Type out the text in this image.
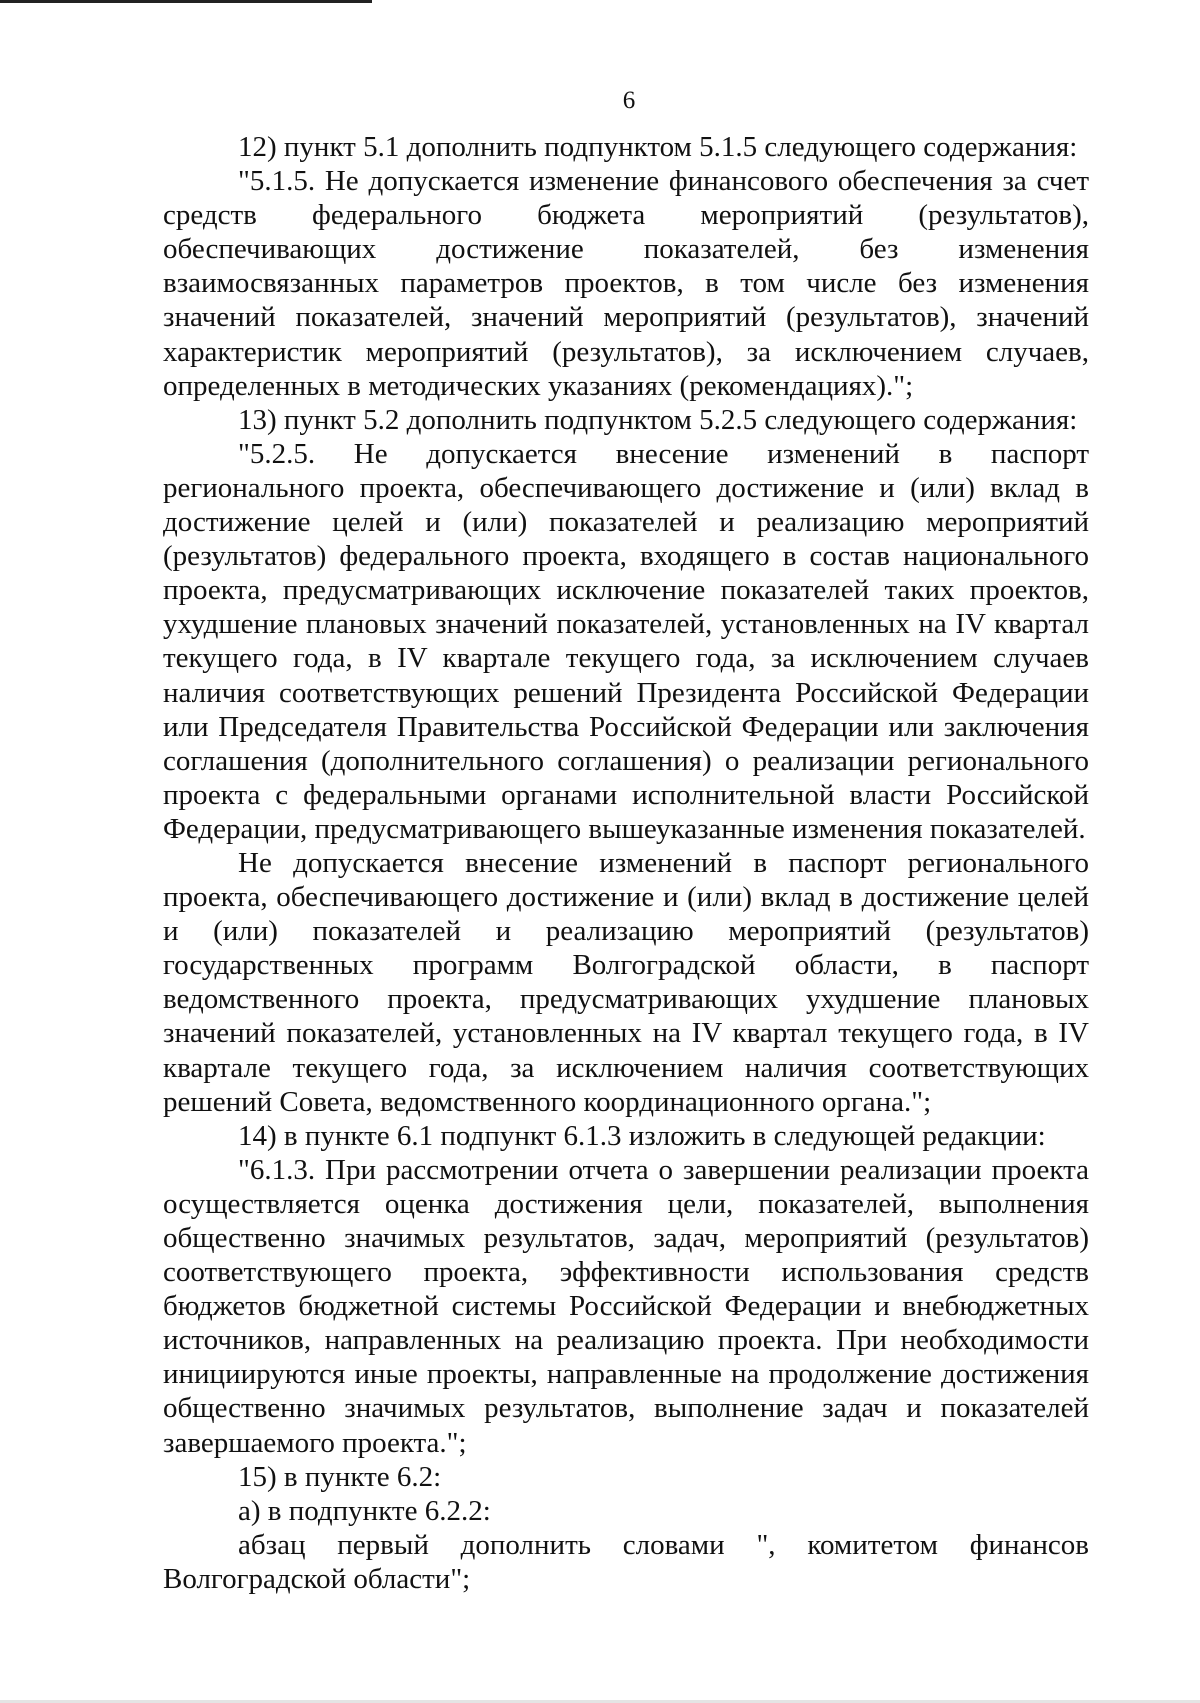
6

12) пункт 5.1 дополнить подпунктом 5.1.5 следующего содержания:

"5.1.5. Не допускается изменение финансового обеспечения за счет средств федерального бюджета мероприятий (результатов), обеспечивающих достижение показателей, без изменения взаимосвязанных параметров проектов, в том числе без изменения значений показателей, значений мероприятий (результатов), значений характеристик мероприятий (результатов), за исключением случаев, определенных в методических указаниях (рекомендациях).";

13) пункт 5.2 дополнить подпунктом 5.2.5 следующего содержания:

"5.2.5. Не допускается внесение изменений в паспорт регионального проекта, обеспечивающего достижение и (или) вклад в достижение целей и (или) показателей и реализацию мероприятий (результатов) федерального проекта, входящего в состав национального проекта, предусматривающих исключение показателей таких проектов, ухудшение плановых значений показателей, установленных на IV квартал текущего года, в IV квартале текущего года, за исключением случаев наличия соответствующих решений Президента Российской Федерации или Председателя Правительства Российской Федерации или заключения соглашения (дополнительного соглашения) о реализации регионального проекта с федеральными органами исполнительной власти Российской Федерации, предусматривающего вышеуказанные изменения показателей.

Не допускается внесение изменений в паспорт регионального проекта, обеспечивающего достижение и (или) вклад в достижение целей и (или) показателей и реализацию мероприятий (результатов) государственных программ Волгоградской области, в паспорт ведомственного проекта, предусматривающих ухудшение плановых значений показателей, установленных на IV квартал текущего года, в IV квартале текущего года, за исключением наличия соответствующих решений Совета, ведомственного координационного органа.";

14) в пункте 6.1 подпункт 6.1.3 изложить в следующей редакции:

"6.1.3. При рассмотрении отчета о завершении реализации проекта осуществляется оценка достижения цели, показателей, выполнения общественно значимых результатов, задач, мероприятий (результатов) соответствующего проекта, эффективности использования средств бюджетов бюджетной системы Российской Федерации и внебюджетных источников, направленных на реализацию проекта. При необходимости инициируются иные проекты, направленные на продолжение достижения общественно значимых результатов, выполнение задач и показателей завершаемого проекта.";

15) в пункте 6.2:

а) в подпункте 6.2.2:

абзац первый дополнить словами ", комитетом финансов Волгоградской области";
